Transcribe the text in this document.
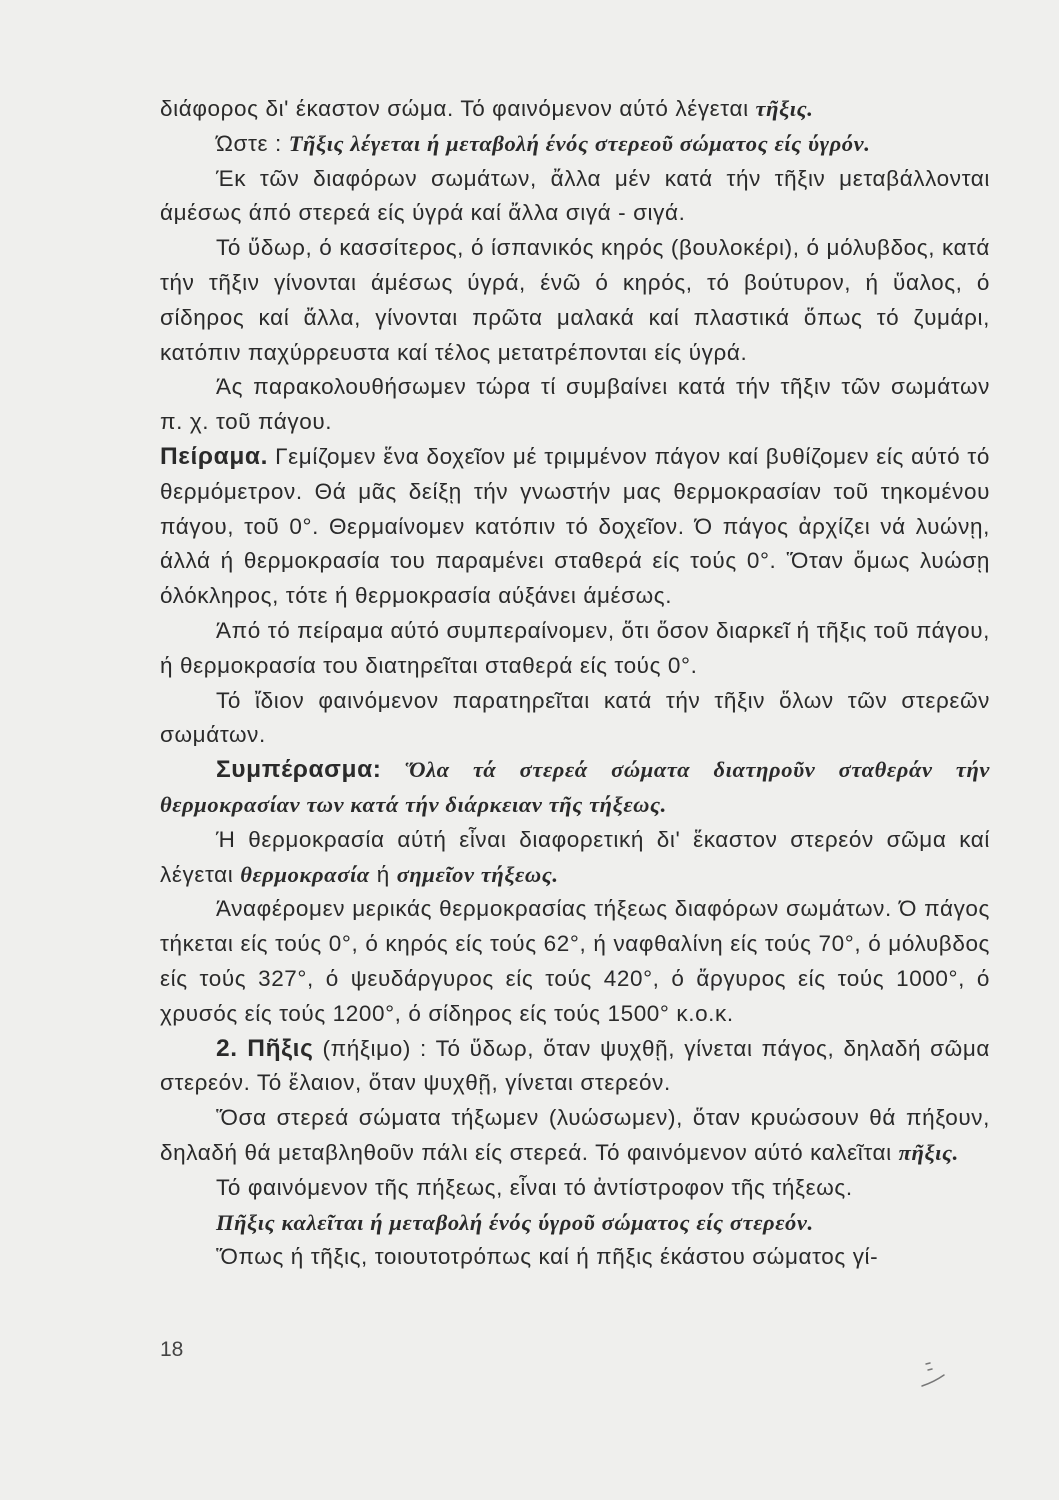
διάφορος δι' έκαστον σώμα. Τό φαινόμενον αύτό λέγεται τῆξις.

Ώστε : Τῆξις λέγεται ή μεταβολή ένός στερεοῦ σώματος είς ύγρόν.

Έκ τῶν διαφόρων σωμάτων, ἄλλα μέν κατά τήν τῆξιν μεταβάλλονται άμέσως άπό στερεά είς ύγρά καί ἄλλα σιγά - σιγά.

Τό ὕδωρ, ό κασσίτερος, ό ίσπανικός κηρός (βουλοκέρι), ό μόλυβδος, κατά τήν τῆξιν γίνονται άμέσως ύγρά, ένῶ ό κηρός, τό βούτυρον, ή ὕαλος, ό σίδηρος καί ἄλλα, γίνονται πρῶτα μαλακά καί πλαστικά ὅπως τό ζυμάρι, κατόπιν παχύρρευστα καί τέλος μετατρέπονται είς ύγρά.

Άς παρακολουθήσωμεν τώρα τί συμβαίνει κατά τήν τῆξιν τῶν σωμάτων π. χ. τοῦ πάγου.

Πείραμα. Γεμίζομεν ἕνα δοχεῖον μέ τριμμένον πάγον καί βυθίζομεν είς αύτό τό θερμόμετρον. Θά μᾶς δείξῃ τήν γνωστήν μας θερμοκρασίαν τοῦ τηκομένου πάγου, τοῦ 0°. Θερμαίνομεν κατόπιν τό δοχεῖον. Ό πάγος ἀρχίζει νά λυώνῃ, άλλά ή θερμοκρασία του παραμένει σταθερά είς τούς 0°. Ὅταν ὅμως λυώσῃ όλόκληρος, τότε ή θερμοκρασία αύξάνει άμέσως.

Άπό τό πείραμα αύτό συμπεραίνομεν, ὅτι ὅσον διαρκεῖ ή τῆξις τοῦ πάγου, ή θερμοκρασία του διατηρεῖται σταθερά είς τούς 0°.

Τό ἴδιον φαινόμενον παρατηρεῖται κατά τήν τῆξιν ὅλων τῶν στερεῶν σωμάτων.

Συμπέρασμα: Ὅλα τά στερεά σώματα διατηροῦν σταθεράν τήν θερμοκρασίαν των κατά τήν διάρκειαν τῆς τήξεως.

Ή θερμοκρασία αύτή εἶναι διαφορετική δι' ἕκαστον στερεόν σῶμα καί λέγεται θερμοκρασία ή σημεῖον τήξεως.

Άναφέρομεν μερικάς θερμοκρασίας τήξεως διαφόρων σωμάτων. Ό πάγος τήκεται είς τούς 0°, ό κηρός είς τούς 62°, ή ναφθαλίνη είς τούς 70°, ό μόλυβδος είς τούς 327°, ό ψευδάργυρος είς τούς 420°, ό ἄργυρος είς τούς 1000°, ό χρυσός είς τούς 1200°, ό σίδηρος είς τούς 1500° κ.ο.κ.

2. Πῆξις (πήξιμο) : Τό ὕδωρ, ὅταν ψυχθῇ, γίνεται πάγος, δηλαδή σῶμα στερεόν. Τό ἔλαιον, ὅταν ψυχθῇ, γίνεται στερεόν.

Ὅσα στερεά σώματα τήξωμεν (λυώσωμεν), ὅταν κρυώσουν θά πήξουν, δηλαδή θά μεταβληθοῦν πάλι είς στερεά. Τό φαινόμενον αύτό καλεῖται πῆξις.

Τό φαινόμενον τῆς πήξεως, εἶναι τό ἀντίστροφον τῆς τήξεως.

Πῆξις καλεῖται ή μεταβολή ένός ύγροῦ σώματος είς στερεόν.

Ὅπως ή τῆξις, τοιουτοτρόπως καί ή πῆξις έκάστου σώματος γί-

18
